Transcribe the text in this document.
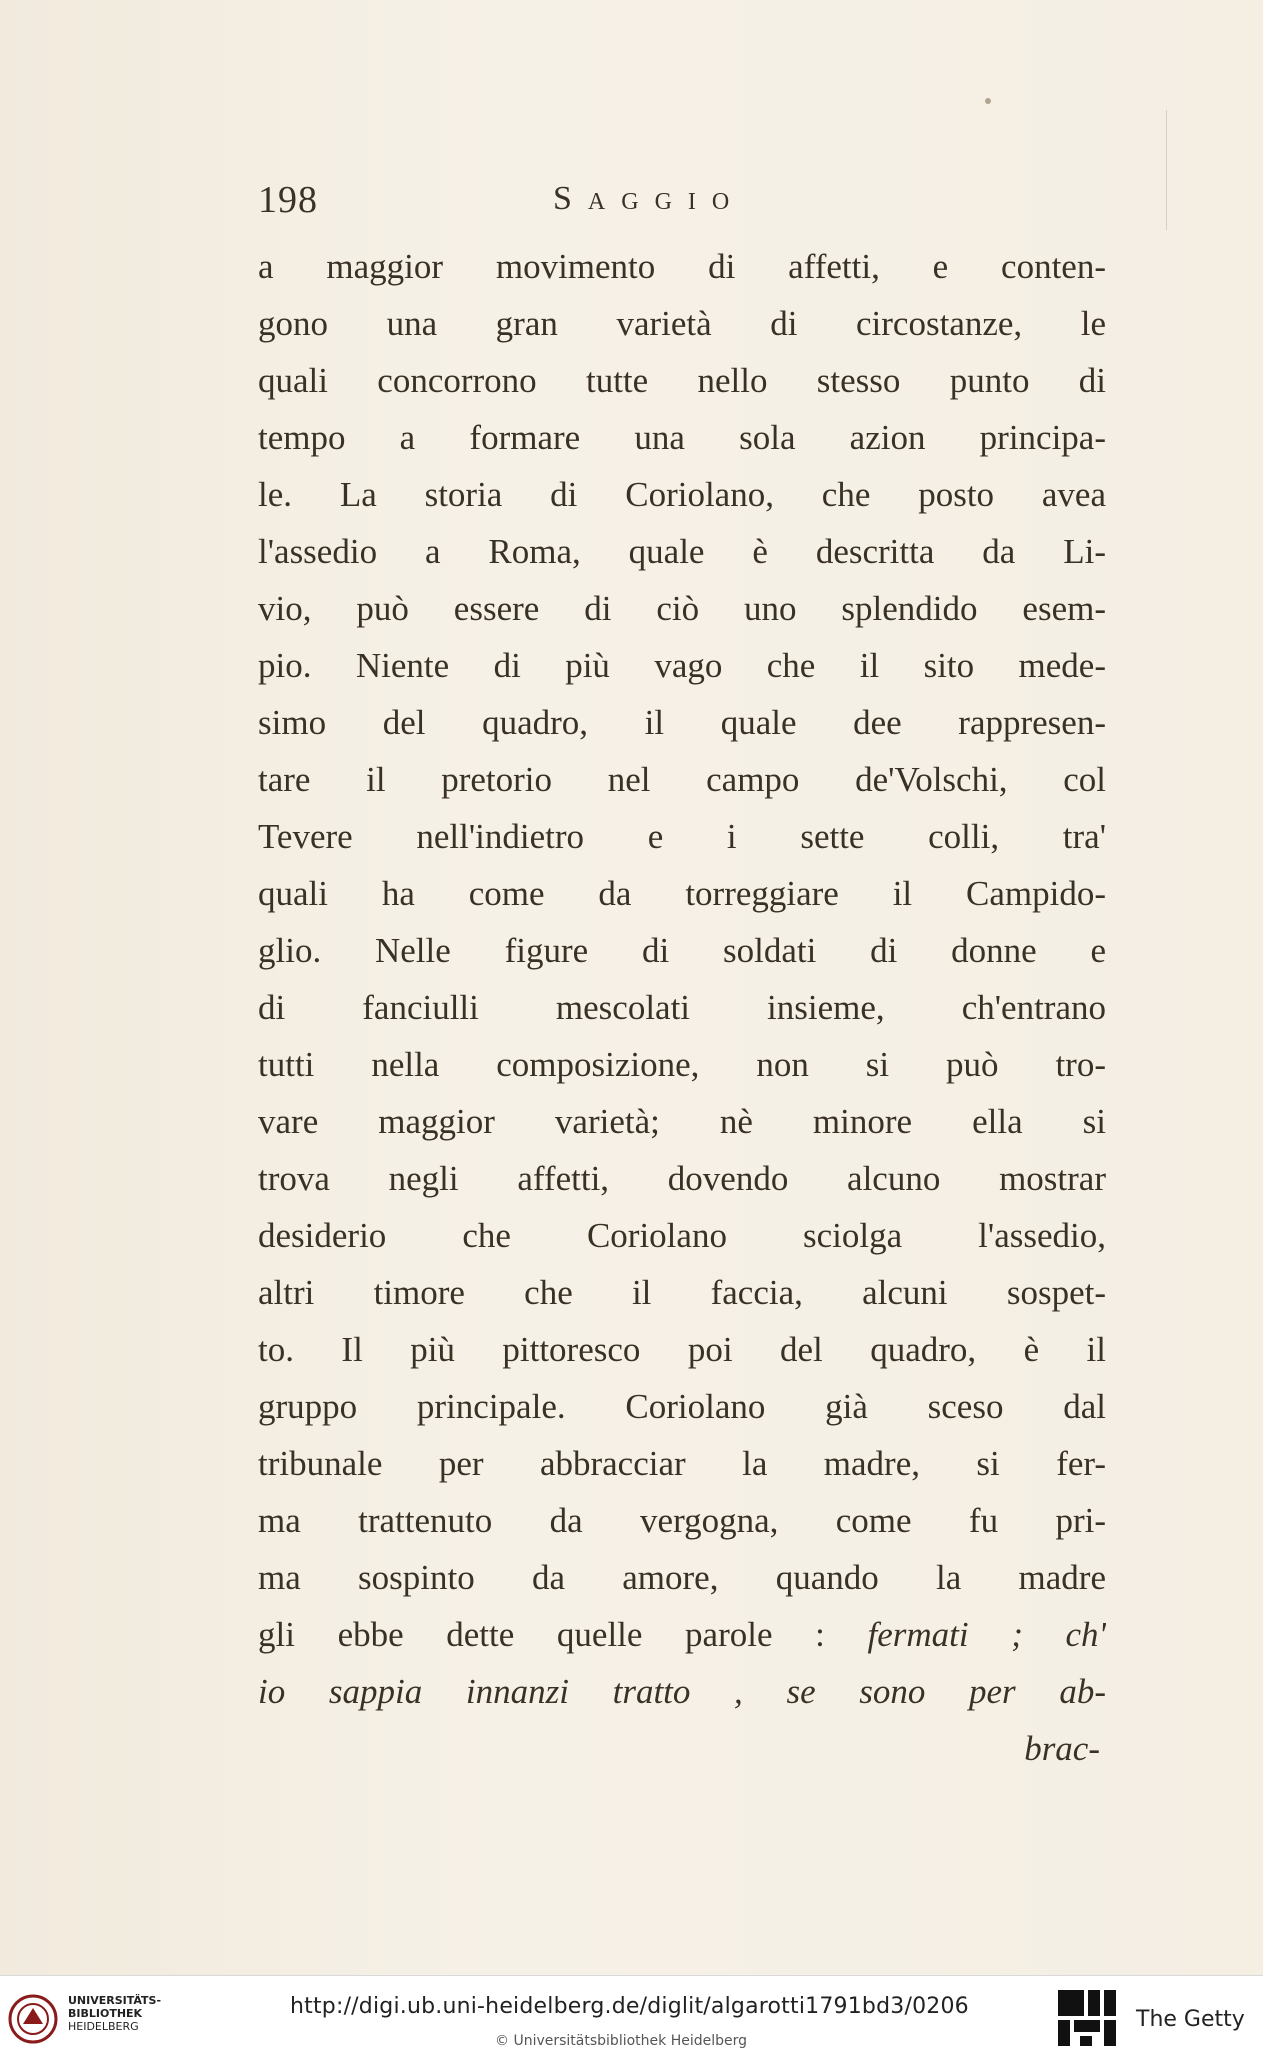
198	Saggio
a maggior movimento di affetti, e conten-
gono una gran varietà di circostanze, le
quali concorrono tutte nello stesso punto di
tempo a formare una sola azion principa-
le. La storia di Coriolano, che posto avea
l'assedio a Roma, quale è descritta da Li-
vio, può essere di ciò uno splendido esem-
pio. Niente di più vago che il sito mede-
simo del quadro, il quale dee rappresen-
tare il pretorio nel campo de'Volschi, col
Tevere nell'indietro e i sette colli, tra'
quali ha come da torreggiare il Campido-
glio. Nelle figure di soldati di donne e
di fanciulli mescolati insieme, ch'entrano
tutti nella composizione, non si può tro-
vare maggior varietà; nè minore ella si
trova negli affetti, dovendo alcuno mostrar
desiderio che Coriolano sciolga l'assedio,
altri timore che il faccia, alcuni sospet-
to. Il più pittoresco poi del quadro, è il
gruppo principale. Coriolano già sceso dal
tribunale per abbracciar la madre, si fer-
ma trattenuto da vergogna, come fu pri-
ma sospinto da amore, quando la madre
gli ebbe dette quelle parole : fermati ; ch'
io sappia innanzi tratto , se sono per ab-
brac-
UNIVERSITÄTS-
BIBLIOTHEK
HEIDELBERG
http://digi.ub.uni-heidelberg.de/diglit/algarotti1791bd3/0206
© Universitätsbibliothek Heidelberg
The Getty
